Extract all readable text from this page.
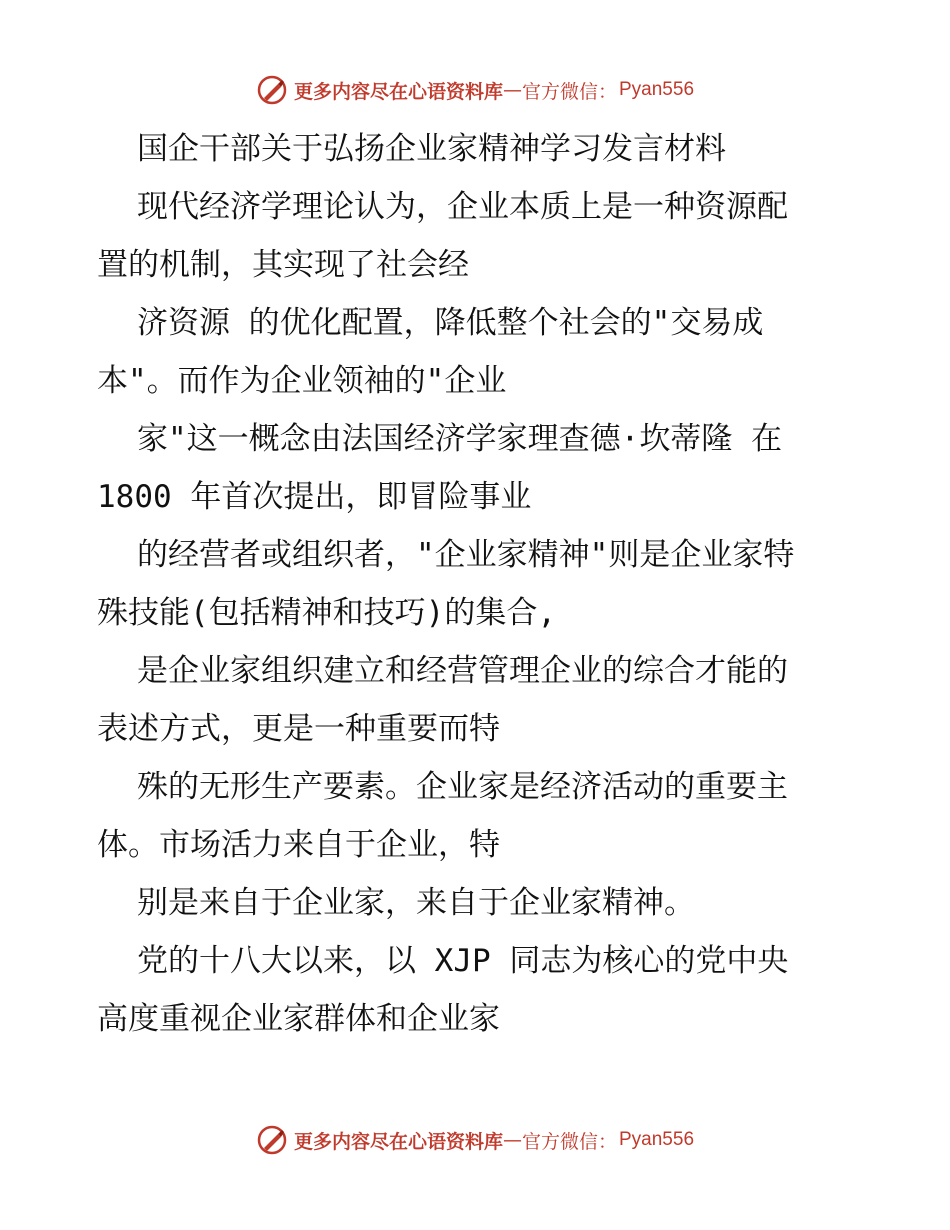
更多内容尽在心语资料库 — 官方微信： Pyan556
国企干部关于弘扬企业家精神学习发言材料
现代经济学理论认为，企业本质上是一种资源配
置的机制，其实现了社会经
济资源 的优化配置，降低整个社会的"交易成
本"。而作为企业领袖的"企业
家"这一概念由法国经济学家理查德·坎蒂隆 在
1800 年首次提出，即冒险事业
的经营者或组织者，"企业家精神"则是企业家特
殊技能(包括精神和技巧)的集合,
是企业家组织建立和经营管理企业的综合才能的
表述方式，更是一种重要而特
殊的无形生产要素。企业家是经济活动的重要主
体。市场活力来自于企业，特
别是来自于企业家，来自于企业家精神。
党的十八大以来，以 XJP 同志为核心的党中央
高度重视企业家群体和企业家
更多内容尽在心语资料库 — 官方微信： Pyan556
